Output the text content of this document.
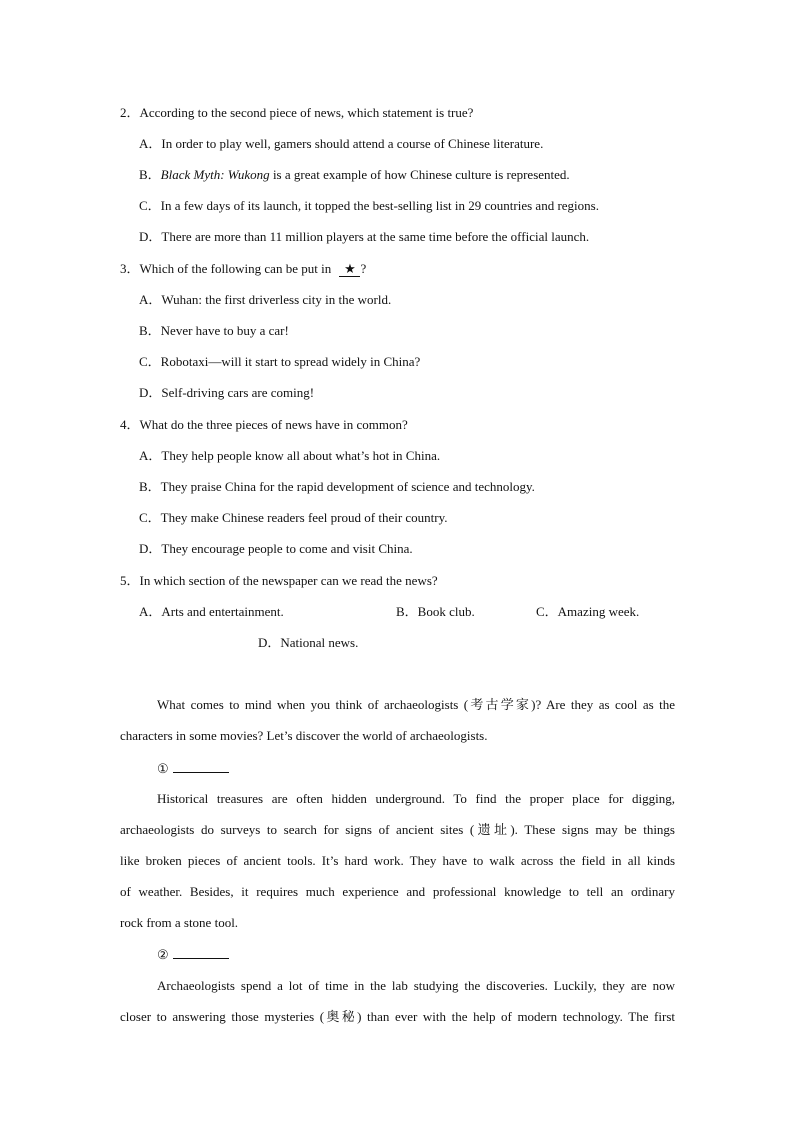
2．According to the second piece of news, which statement is true?
A．In order to play well, gamers should attend a course of Chinese literature.
B．Black Myth: Wukong is a great example of how Chinese culture is represented.
C．In a few days of its launch, it topped the best-selling list in 29 countries and regions.
D．There are more than 11 million players at the same time before the official launch.
3．Which of the following can be put in ★ ?
A．Wuhan: the first driverless city in the world.
B．Never have to buy a car!
C．Robotaxi—will it start to spread widely in China?
D．Self-driving cars are coming!
4．What do the three pieces of news have in common?
A．They help people know all about what’s hot in China.
B．They praise China for the rapid development of science and technology.
C．They make Chinese readers feel proud of their country.
D．They encourage people to come and visit China.
5．In which section of the newspaper can we read the news?
A．Arts and entertainment.	B．Book club.	C．Amazing week.
D．National news.
What comes to mind when you think of archaeologists (考古学家)? Are they as cool as the
characters in some movies? Let’s discover the world of archaeologists.
①
Historical treasures are often hidden underground. To find the proper place for digging,
archaeologists do surveys to search for signs of ancient sites (遗址). These signs may be things
like broken pieces of ancient tools. It’s hard work. They have to walk across the field in all kinds
of weather. Besides, it requires much experience and professional knowledge to tell an ordinary
rock from a stone tool.
②
Archaeologists spend a lot of time in the lab studying the discoveries. Luckily, they are now
closer to answering those mysteries (奥秘) than ever with the help of modern technology. The first
